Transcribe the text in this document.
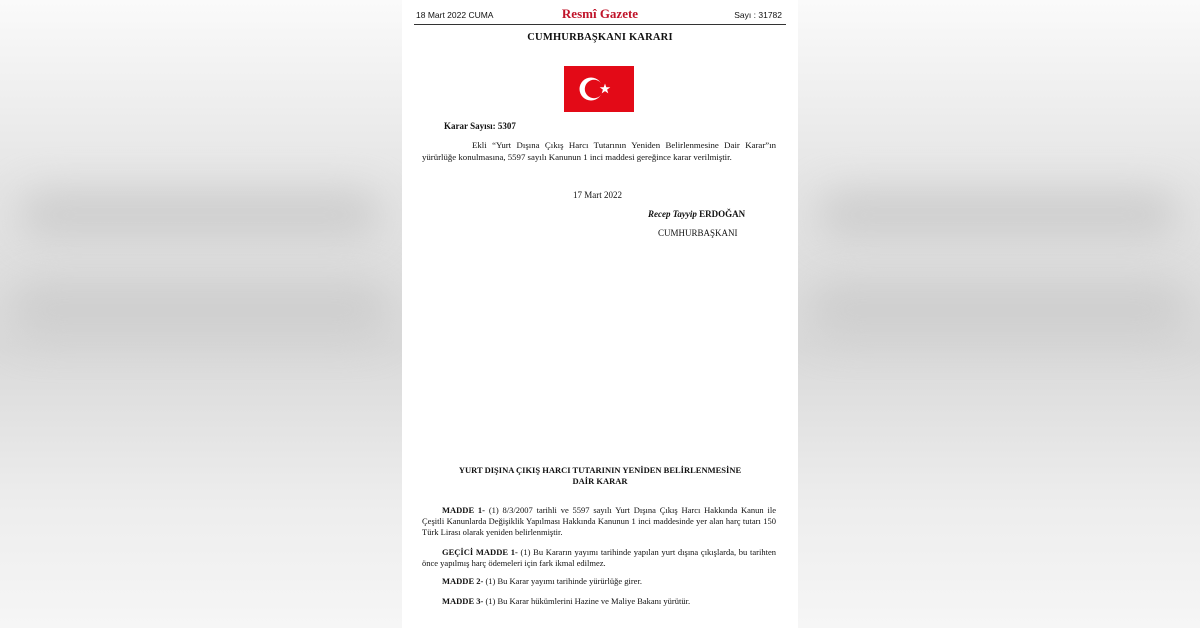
18 Mart 2022 CUMA	Resmî Gazete	Sayı : 31782
CUMHURBAŞKANI KARARI
Karar Sayısı: 5307
Ekli “Yurt Dışına Çıkış Harcı Tutarının Yeniden Belirlenmesine Dair Karar”ın yürürlüğe konulmasına, 5597 sayılı Kanunun 1 inci maddesi gereğince karar verilmiştir.
17 Mart 2022
Recep Tayyip ERDOĞAN
CUMHURBAŞKANI
YURT DIŞINA ÇIKIŞ HARCI TUTARININ YENİDEN BELİRLENMESİNE
DAİR KARAR
MADDE 1- (1) 8/3/2007 tarihli ve 5597 sayılı Yurt Dışına Çıkış Harcı Hakkında Kanun ile Çeşitli Kanunlarda Değişiklik Yapılması Hakkında Kanunun 1 inci maddesinde yer alan harç tutarı 150 Türk Lirası olarak yeniden belirlenmiştir.
GEÇİCİ MADDE 1- (1) Bu Kararın yayımı tarihinde yapılan yurt dışına çıkışlarda, bu tarihten önce yapılmış harç ödemeleri için fark ikmal edilmez.
MADDE 2- (1) Bu Karar yayımı tarihinde yürürlüğe girer.
MADDE 3- (1) Bu Karar hükümlerini Hazine ve Maliye Bakanı yürütür.
